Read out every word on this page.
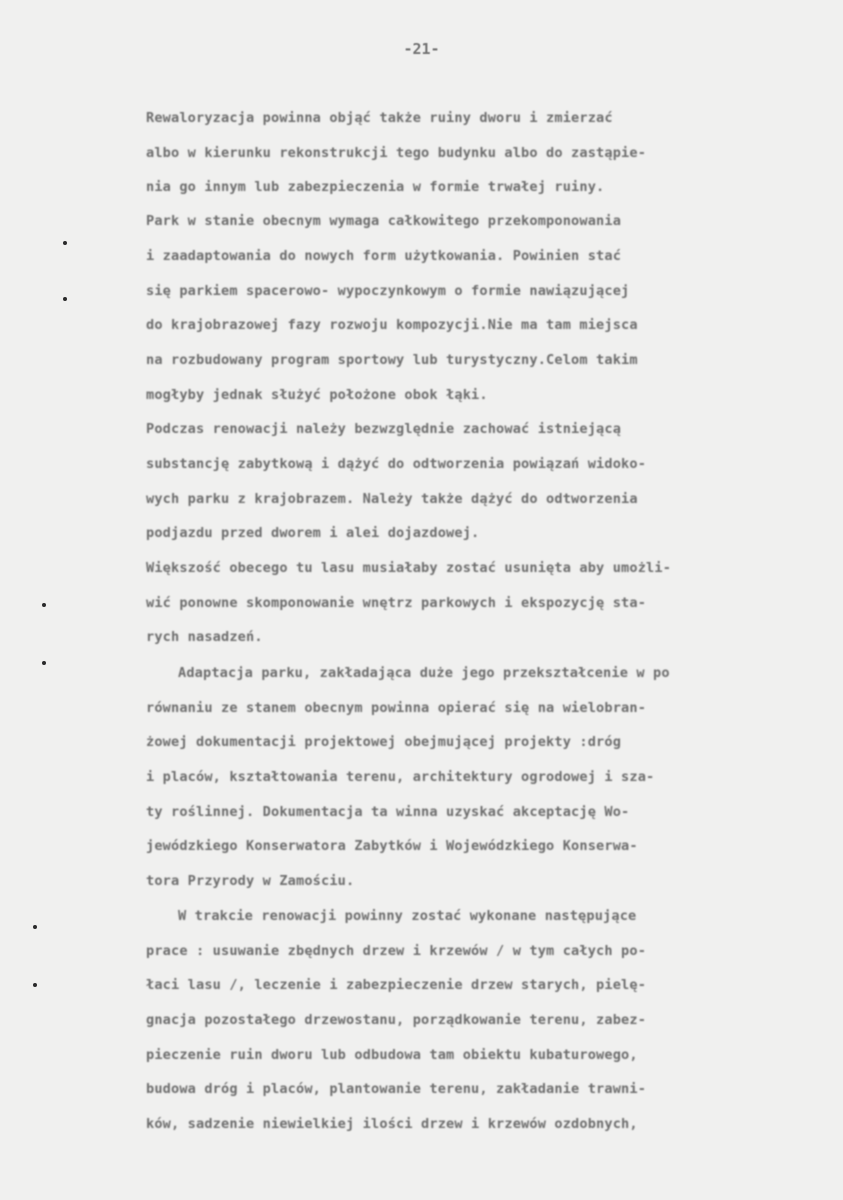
-21-
Rewaloryzacja powinna objąć także ruiny dworu i zmierzać
albo w kierunku rekonstrukcji tego budynku albo do zastąpie-
nia go innym lub zabezpieczenia w formie trwałej ruiny.
Park w stanie obecnym wymaga całkowitego przekomponowania
i zaadaptowania do nowych form użytkowania. Powinien stać
się parkiem spacerowo- wypoczynkowym o formie nawiązującej
do krajobrazowej fazy rozwoju kompozycji.Nie ma tam miejsca
na rozbudowany program sportowy lub turystyczny.Celom takim
mogłyby jednak służyć położone obok łąki.
Podczas renowacji należy bezwzględnie zachować istniejącą
substancję zabytkową i dążyć do odtworzenia powiązań widoko-
wych parku z krajobrazem. Należy także dążyć do odtworzenia
podjazdu przed dworem i alei dojazdowej.
Większość obecego tu lasu musiałaby zostać usunięta aby umożli-
wić ponowne skomponowanie wnętrz parkowych i ekspozycję sta-
rych nasadzeń.
Adaptacja parku, zakładająca duże jego przekształcenie w po
równaniu ze stanem obecnym powinna opierać się na wielobran-
żowej dokumentacji projektowej obejmującej projekty :dróg
i placów, kształtowania terenu, architektury ogrodowej i sza-
ty roślinnej. Dokumentacja ta winna uzyskać akceptację Wo-
jewódzkiego Konserwatora Zabytków i Wojewódzkiego Konserwa-
tora Przyrody w Zamościu.
W trakcie renowacji powinny zostać wykonane następujące
prace : usuwanie zbędnych drzew i krzewów / w tym całych po-
łaci lasu /, leczenie i zabezpieczenie drzew starych, pielę-
gnacja pozostałego drzewostanu, porządkowanie terenu, zabez-
pieczenie ruin dworu lub odbudowa tam obiektu kubaturowego,
budowa dróg i placów, plantowanie terenu, zakładanie trawni-
ków, sadzenie niewielkiej ilości drzew i krzewów ozdobnych,
